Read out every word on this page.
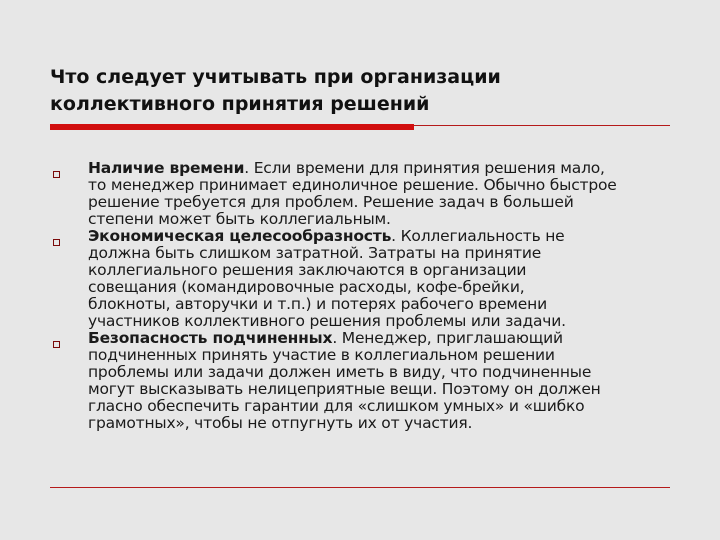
Что следует учитывать при организации
коллективного принятия решений
Наличие времени. Если времени для принятия решения мало,
то менеджер принимает единоличное решение. Обычно быстрое
решение требуется для проблем. Решение задач в большей
степени может быть коллегиальным.
Экономическая целесообразность. Коллегиальность не
должна быть слишком затратной. Затраты на принятие
коллегиального решения заключаются в организации
совещания (командировочные расходы, кофе-брейки,
блокноты, авторучки и т.п.) и потерях рабочего времени
участников коллективного решения проблемы или задачи.
Безопасность подчиненных. Менеджер, приглашающий
подчиненных принять участие в коллегиальном решении
проблемы или задачи должен иметь в виду, что подчиненные
могут высказывать нелицеприятные вещи. Поэтому он должен
гласно обеспечить гарантии для «слишком умных» и «шибко
грамотных», чтобы не отпугнуть их от участия.
